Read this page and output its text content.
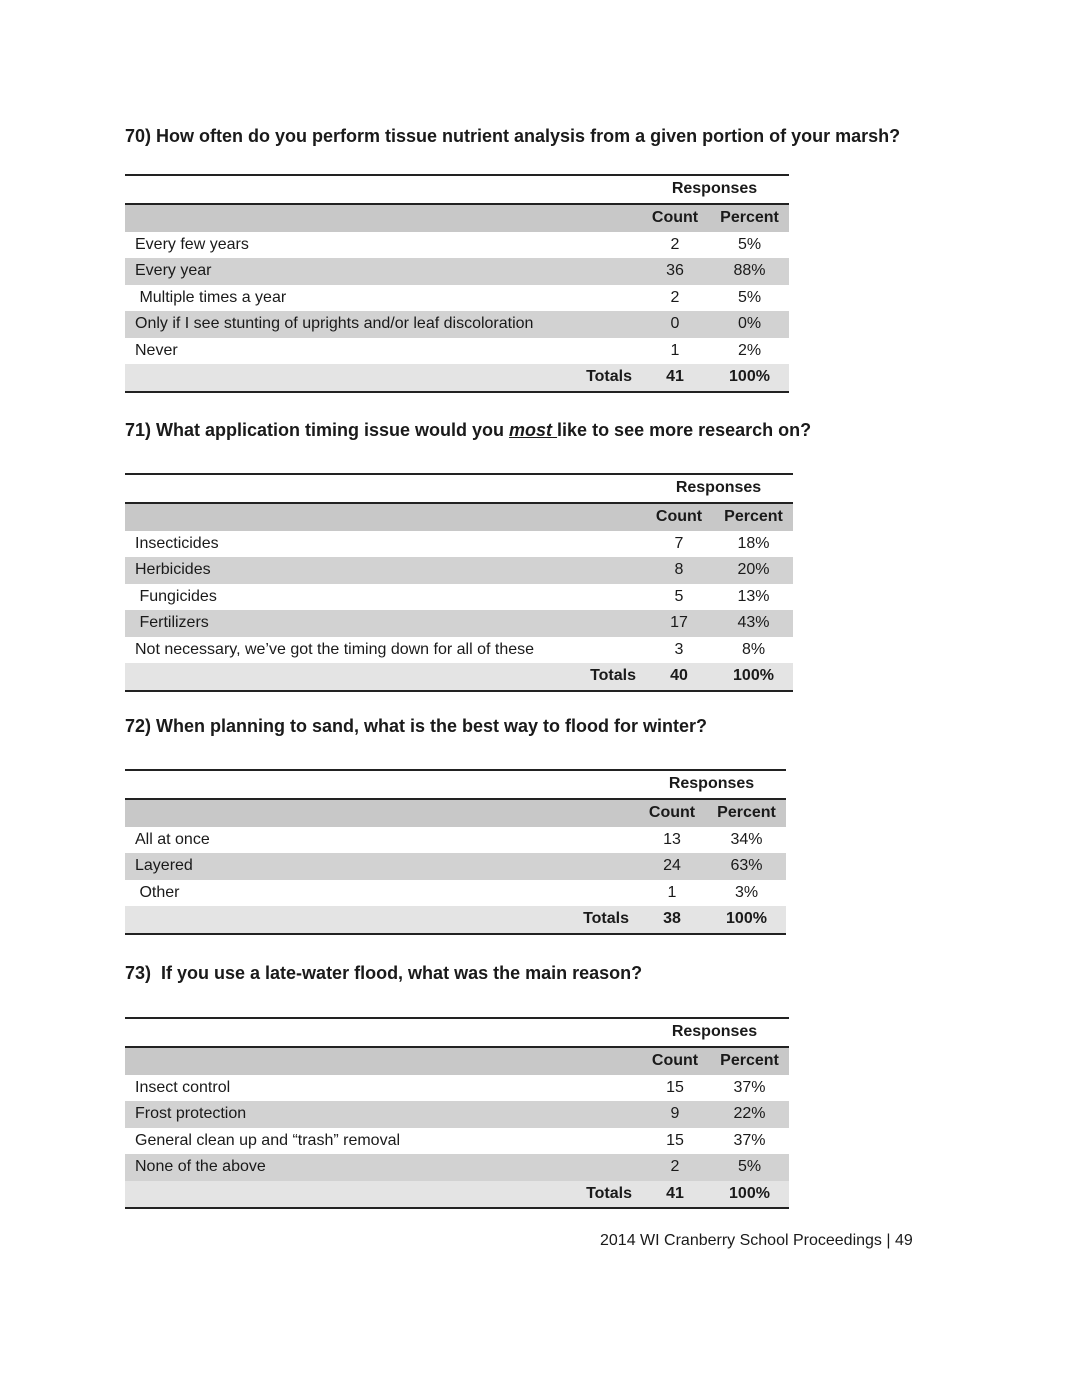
70) How often do you perform tissue nutrient analysis from a given portion of your marsh?
	Responses	
	Count	Percent
Every few years	2	5%
Every year	36	88%
Multiple times a year	2	5%
Only if I see stunting of uprights and/or leaf discoloration	0	0%
Never	1	2%
Totals	41	100%
71) What application timing issue would you most like to see more research on?
	Responses	
	Count	Percent
Insecticides	7	18%
Herbicides	8	20%
Fungicides	5	13%
Fertilizers	17	43%
Not necessary, we’ve got the timing down for all of these	3	8%
Totals	40	100%
72) When planning to sand, what is the best way to flood for winter?
	Responses	
	Count	Percent
All at once	13	34%
Layered	24	63%
Other	1	3%
Totals	38	100%
73)  If you use a late-water flood, what was the main reason?
	Responses	
	Count	Percent
Insect control	15	37%
Frost protection	9	22%
General clean up and “trash” removal	15	37%
None of the above	2	5%
Totals	41	100%
2014 WI Cranberry School Proceedings | 49
